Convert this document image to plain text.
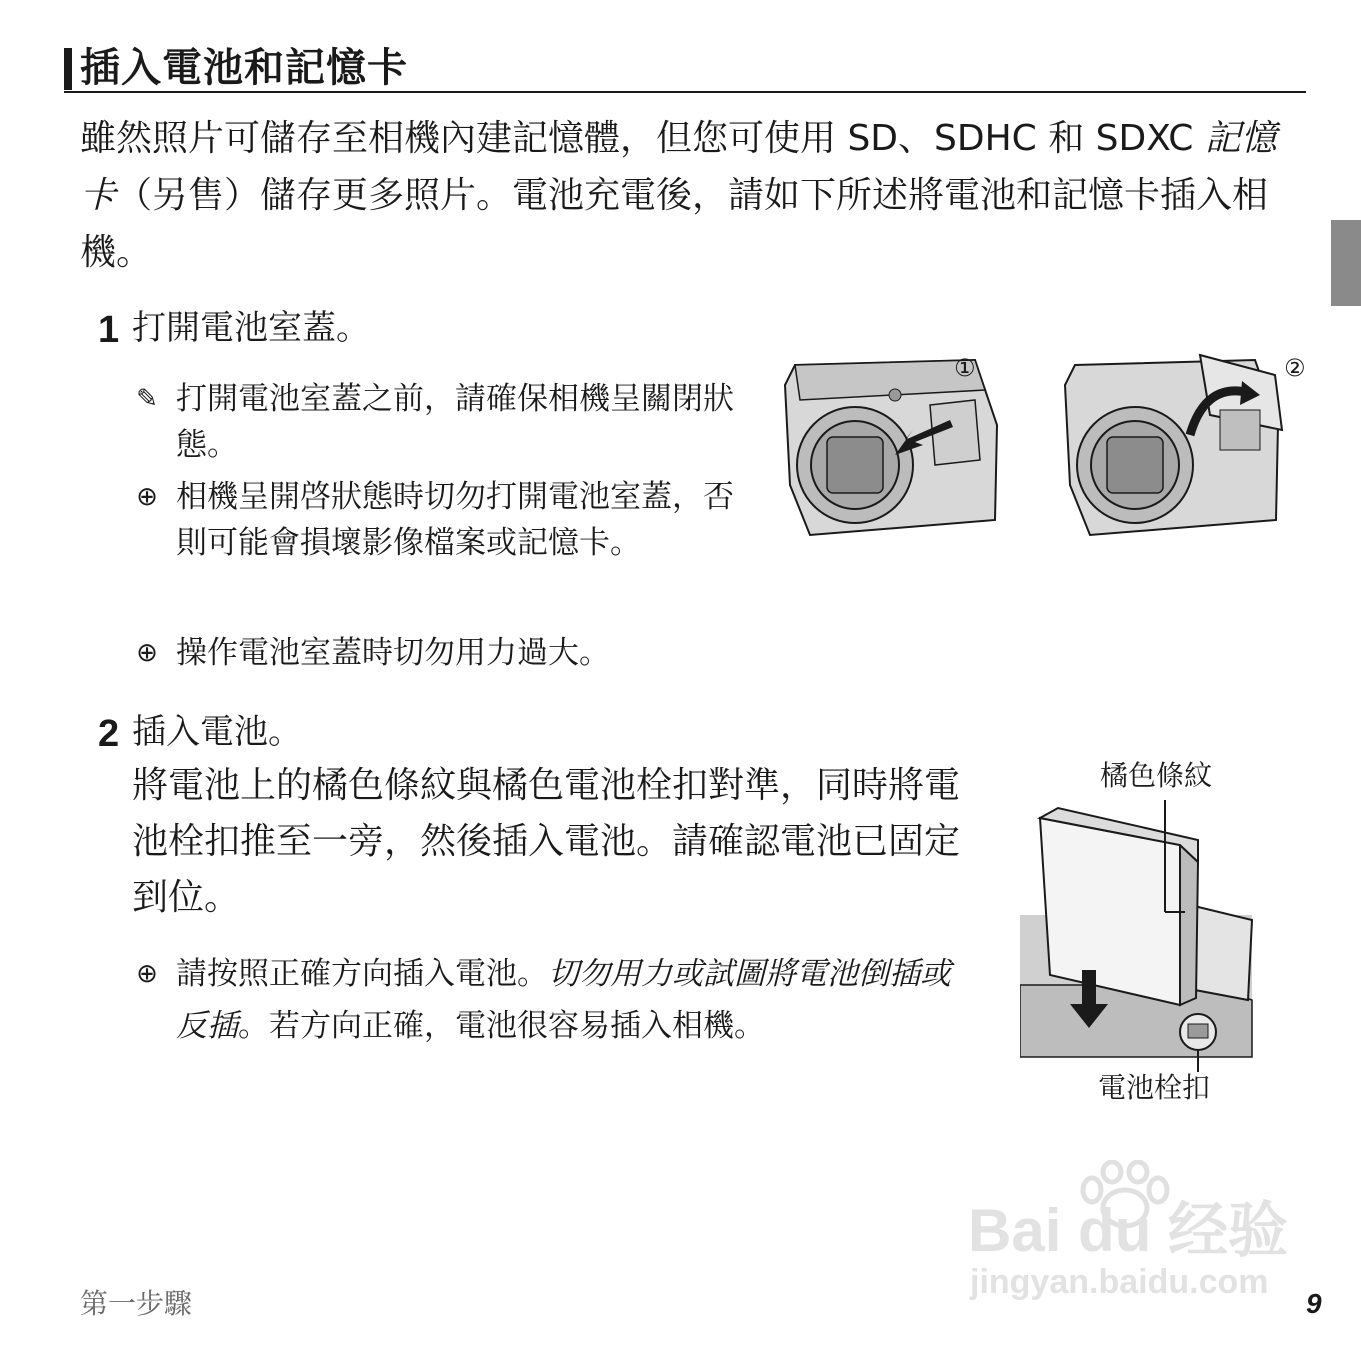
插入電池和記憶卡
雖然照片可儲存至相機內建記憶體，但您可使用 SD、SDHC 和 SDXC 記憶卡（另售）儲存更多照片。電池充電後，請如下所述將電池和記憶卡插入相機。
1 打開電池室蓋。
✎ 打開電池室蓋之前，請確保相機呈關閉狀態。
⊕ 相機呈開啓狀態時切勿打開電池室蓋，否則可能會損壞影像檔案或記憶卡。
⊕ 操作電池室蓋時切勿用力過大。
①	②
2 插入電池。
將電池上的橘色條紋與橘色電池栓扣對準，同時將電池栓扣推至一旁，然後插入電池。請確認電池已固定到位。
⊕ 請按照正確方向插入電池。切勿用力或試圖將電池倒插或反插。若方向正確，電池很容易插入相機。
橘色條紋
電池栓扣
Bai du 经验
jingyan.baidu.com
第一步驟	9
